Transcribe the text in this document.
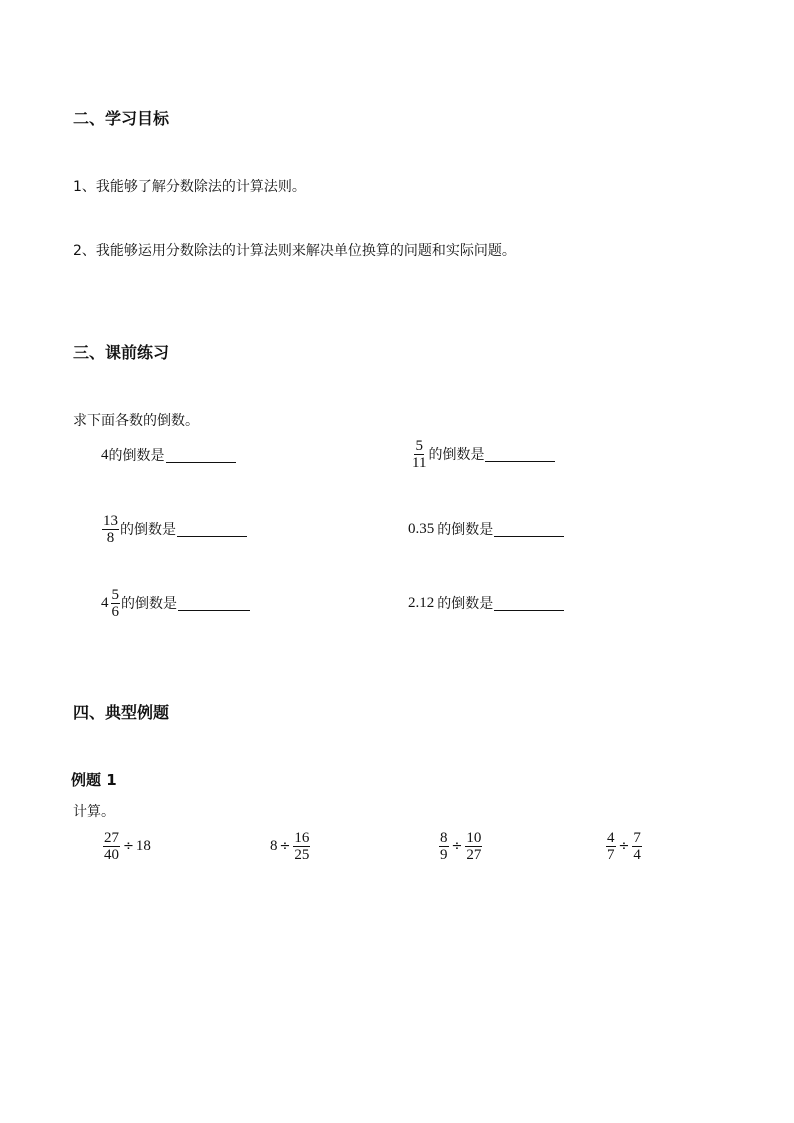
二、学习目标
1、我能够了解分数除法的计算法则。
2、我能够运用分数除法的计算法则来解决单位换算的问题和实际问题。
三、课前练习
求下面各数的倒数。
4 的倒数是	$\frac{5}{11}$ 的倒数是
$\frac{13}{8}$ 的倒数是	0.35 的倒数是
$4 \frac{5}{6}$ 的倒数是	2.12 的倒数是
四、典型例题
例题 1
计算。
$\frac{27}{40} \div 18$	$8 \div \frac{16}{25}$	$\frac{8}{9} \div \frac{10}{27}$	$\frac{4}{7} \div \frac{7}{4}$
